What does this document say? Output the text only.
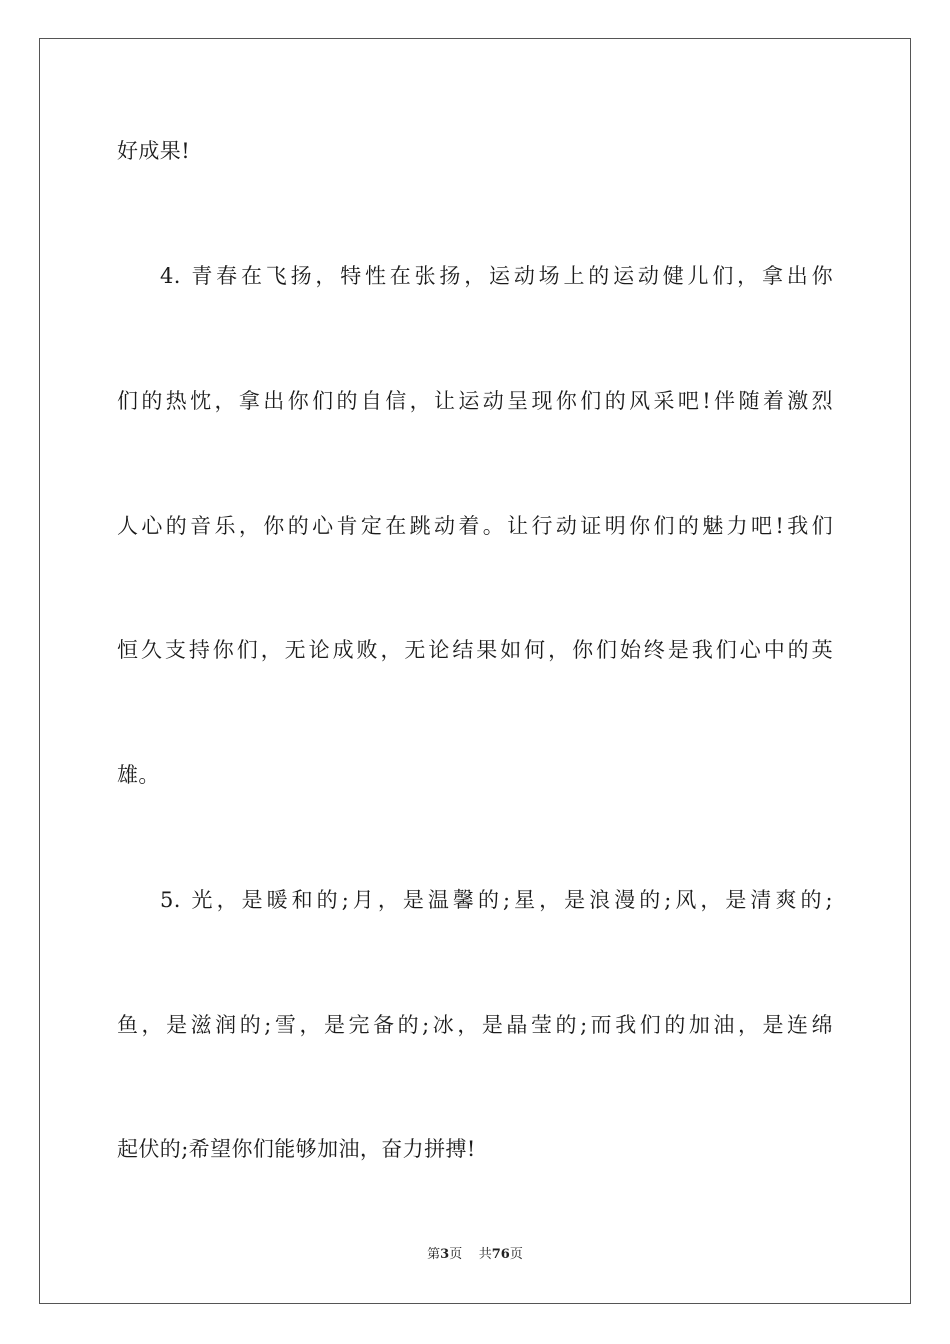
好成果!
4. 青春在飞扬，特性在张扬，运动场上的运动健儿们，拿出你
们的热忱，拿出你们的自信，让运动呈现你们的风采吧!伴随着激烈
人心的音乐，你的心肯定在跳动着。让行动证明你们的魅力吧!我们
恒久支持你们，无论成败，无论结果如何，你们始终是我们心中的英
雄。
5. 光，是暖和的;月，是温馨的;星，是浪漫的;风，是清爽的;
鱼，是滋润的;雪，是完备的;冰，是晶莹的;而我们的加油，是连绵
起伏的;希望你们能够加油，奋力拼搏!
第3页 共76页
